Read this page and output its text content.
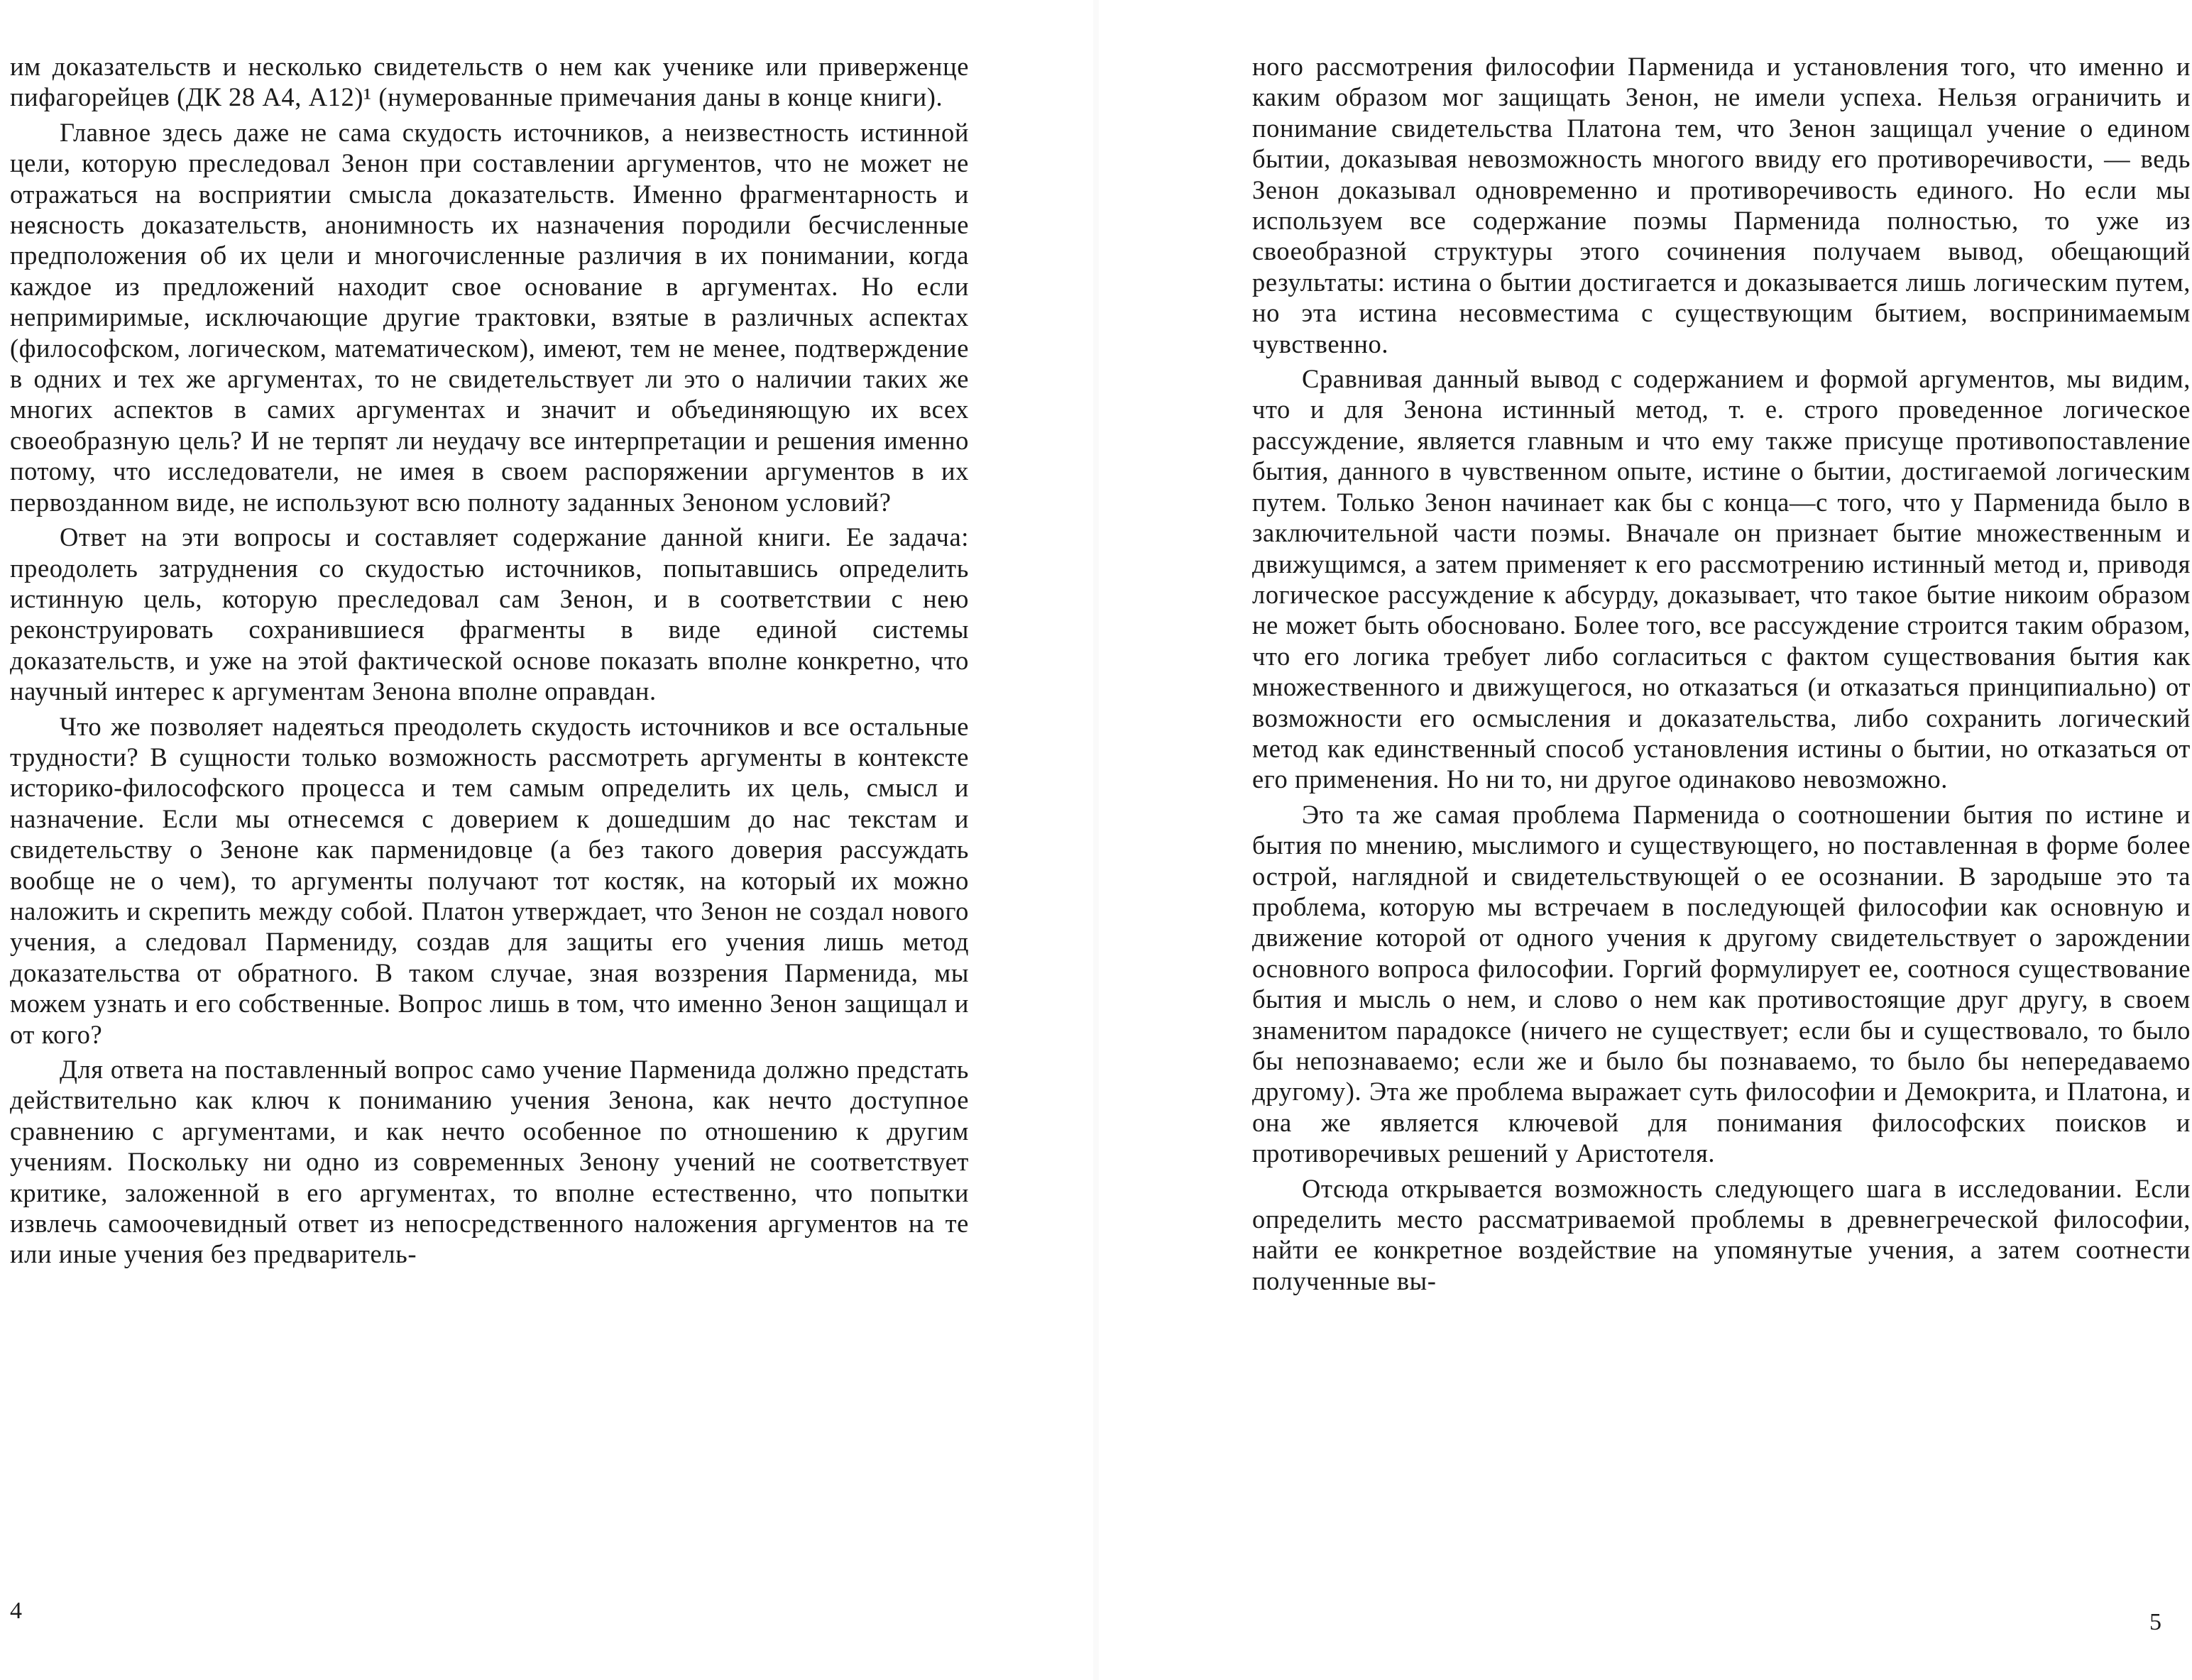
им доказательств и несколько свидетельств о нем как ученике или приверженце пифагорейцев (ДК 28 А4, А12)¹ (нумерованные примечания даны в конце книги).

Главное здесь даже не сама скудость источников, а неизвестность истинной цели, которую преследовал Зенон при составлении аргументов, что не может не отражаться на восприятии смысла доказательств. Именно фрагментарность и неясность доказательств, анонимность их назначения породили бесчисленные предположения об их цели и многочисленные различия в их понимании, когда каждое из предложений находит свое основание в аргументах. Но если непримиримые, исключающие другие трактовки, взятые в различных аспектах (философском, логическом, математическом), имеют, тем не менее, подтверждение в одних и тех же аргументах, то не свидетельствует ли это о наличии таких же многих аспектов в самих аргументах и значит и объединяющую их всех своеобразную цель? И не терпят ли неудачу все интерпретации и решения именно потому, что исследователи, не имея в своем распоряжении аргументов в их первозданном виде, не используют всю полноту заданных Зеноном условий?

Ответ на эти вопросы и составляет содержание данной книги. Ее задача: преодолеть затруднения со скудостью источников, попытавшись определить истинную цель, которую преследовал сам Зенон, и в соответствии с нею реконструировать сохранившиеся фрагменты в виде единой системы доказательств, и уже на этой фактической основе показать вполне конкретно, что научный интерес к аргументам Зенона вполне оправдан.

Что же позволяет надеяться преодолеть скудость источников и все остальные трудности? В сущности только возможность рассмотреть аргументы в контексте историко-философского процесса и тем самым определить их цель, смысл и назначение. Если мы отнесемся с доверием к дошедшим до нас текстам и свидетельству о Зеноне как парменидовце (а без такого доверия рассуждать вообще не о чем), то аргументы получают тот костяк, на который их можно наложить и скрепить между собой. Платон утверждает, что Зенон не создал нового учения, а следовал Пармениду, создав для защиты его учения лишь метод доказательства от обратного. В таком случае, зная воззрения Парменида, мы можем узнать и его собственные. Вопрос лишь в том, что именно Зенон защищал и от кого?

Для ответа на поставленный вопрос само учение Парменида должно предстать действительно как ключ к пониманию учения Зенона, как нечто доступное сравнению с аргументами, и как нечто особенное по отношению к другим учениям. Поскольку ни одно из современных Зенону учений не соответствует критике, заложенной в его аргументах, то вполне естественно, что попытки извлечь самоочевидный ответ из непосредственного наложения аргументов на те или иные учения без предваритель-

4

ного рассмотрения философии Парменида и установления того, что именно и каким образом мог защищать Зенон, не имели успеха. Нельзя ограничить и понимание свидетельства Платона тем, что Зенон защищал учение о едином бытии, доказывая невозможность многого ввиду его противоречивости, — ведь Зенон доказывал одновременно и противоречивость единого. Но если мы используем все содержание поэмы Парменида полностью, то уже из своеобразной структуры этого сочинения получаем вывод, обещающий результаты: истина о бытии достигается и доказывается лишь логическим путем, но эта истина несовместима с существующим бытием, воспринимаемым чувственно.

Сравнивая данный вывод с содержанием и формой аргументов, мы видим, что и для Зенона истинный метод, т. е. строго проведенное логическое рассуждение, является главным и что ему также присуще противопоставление бытия, данного в чувственном опыте, истине о бытии, достигаемой логическим путем. Только Зенон начинает как бы с конца—с того, что у Парменида было в заключительной части поэмы. Вначале он признает бытие множественным и движущимся, а затем применяет к его рассмотрению истинный метод и, приводя логическое рассуждение к абсурду, доказывает, что такое бытие никоим образом не может быть обосновано. Более того, все рассуждение строится таким образом, что его логика требует либо согласиться с фактом существования бытия как множественного и движущегося, но отказаться (и отказаться принципиально) от возможности его осмысления и доказательства, либо сохранить логический метод как единственный способ установления истины о бытии, но отказаться от его применения. Но ни то, ни другое одинаково невозможно.

Это та же самая проблема Парменида о соотношении бытия по истине и бытия по мнению, мыслимого и существующего, но поставленная в форме более острой, наглядной и свидетельствующей о ее осознании. В зародыше это та проблема, которую мы встречаем в последующей философии как основную и движение которой от одного учения к другому свидетельствует о зарождении основного вопроса философии. Горгий формулирует ее, соотнося существование бытия и мысль о нем, и слово о нем как противостоящие друг другу, в своем знаменитом парадоксе (ничего не существует; если бы и существовало, то было бы непознаваемо; если же и было бы познаваемо, то было бы непередаваемо другому). Эта же проблема выражает суть философии и Демокрита, и Платона, и она же является ключевой для понимания философских поисков и противоречивых решений у Аристотеля.

Отсюда открывается возможность следующего шага в исследовании. Если определить место рассматриваемой проблемы в древнегреческой философии, найти ее конкретное воздействие на упомянутые учения, а затем соотнести полученные вы-

5
